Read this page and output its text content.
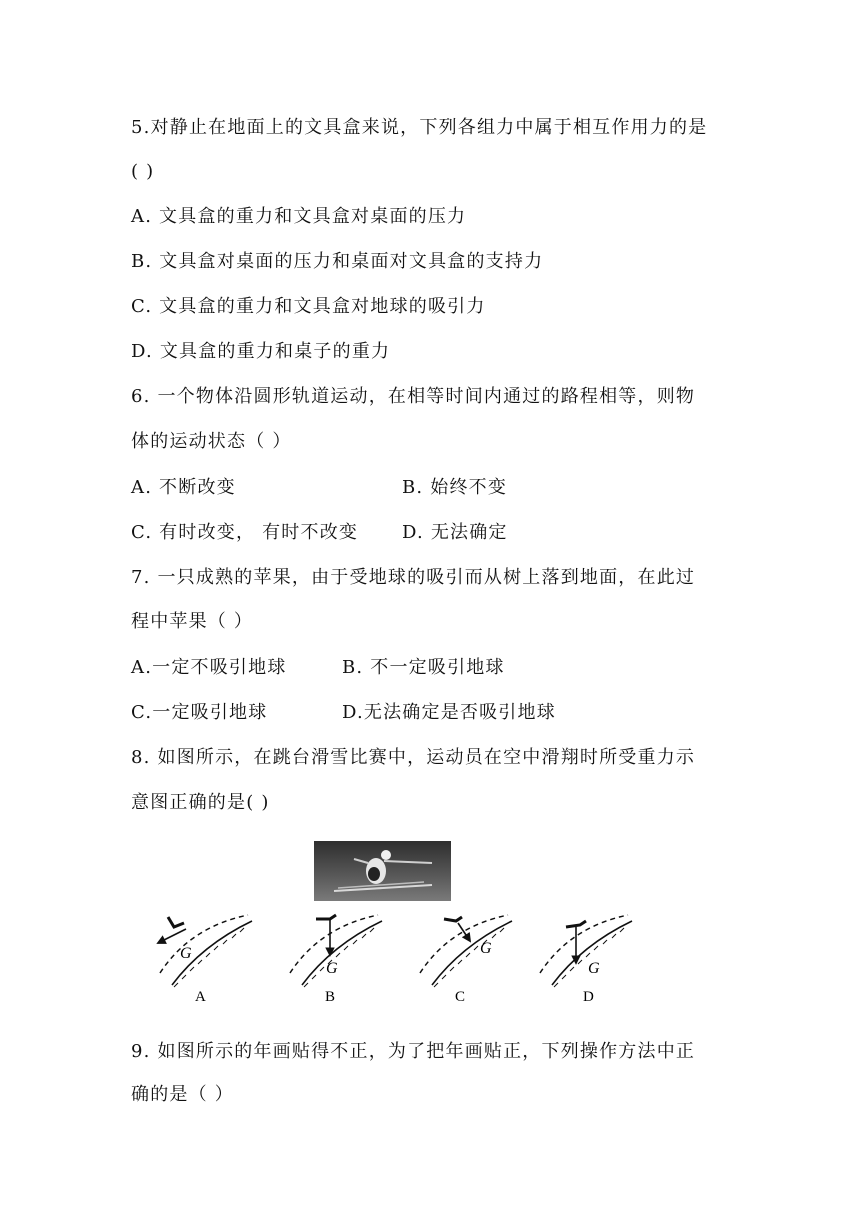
5.对静止在地面上的文具盒来说，下列各组力中属于相互作用力的是
( )
A. 文具盒的重力和文具盒对桌面的压力
B. 文具盒对桌面的压力和桌面对文具盒的支持力
C. 文具盒的重力和文具盒对地球的吸引力
D. 文具盒的重力和桌子的重力
6. 一个物体沿圆形轨道运动，在相等时间内通过的路程相等，则物
体的运动状态（ ）
A. 不断改变	B. 始终不变
C. 有时改变， 有时不改变 D. 无法确定
7. 一只成熟的苹果，由于受地球的吸引而从树上落到地面，在此过
程中苹果（ ）
A.一定不吸引地球	B. 不一定吸引地球
C.一定吸引地球	D.无法确定是否吸引地球
8. 如图所示，在跳台滑雪比赛中，运动员在空中滑翔时所受重力示
意图正确的是( )
G
A
G
B
G
C
G
D
9. 如图所示的年画贴得不正，为了把年画贴正，下列操作方法中正
确的是（ ）
